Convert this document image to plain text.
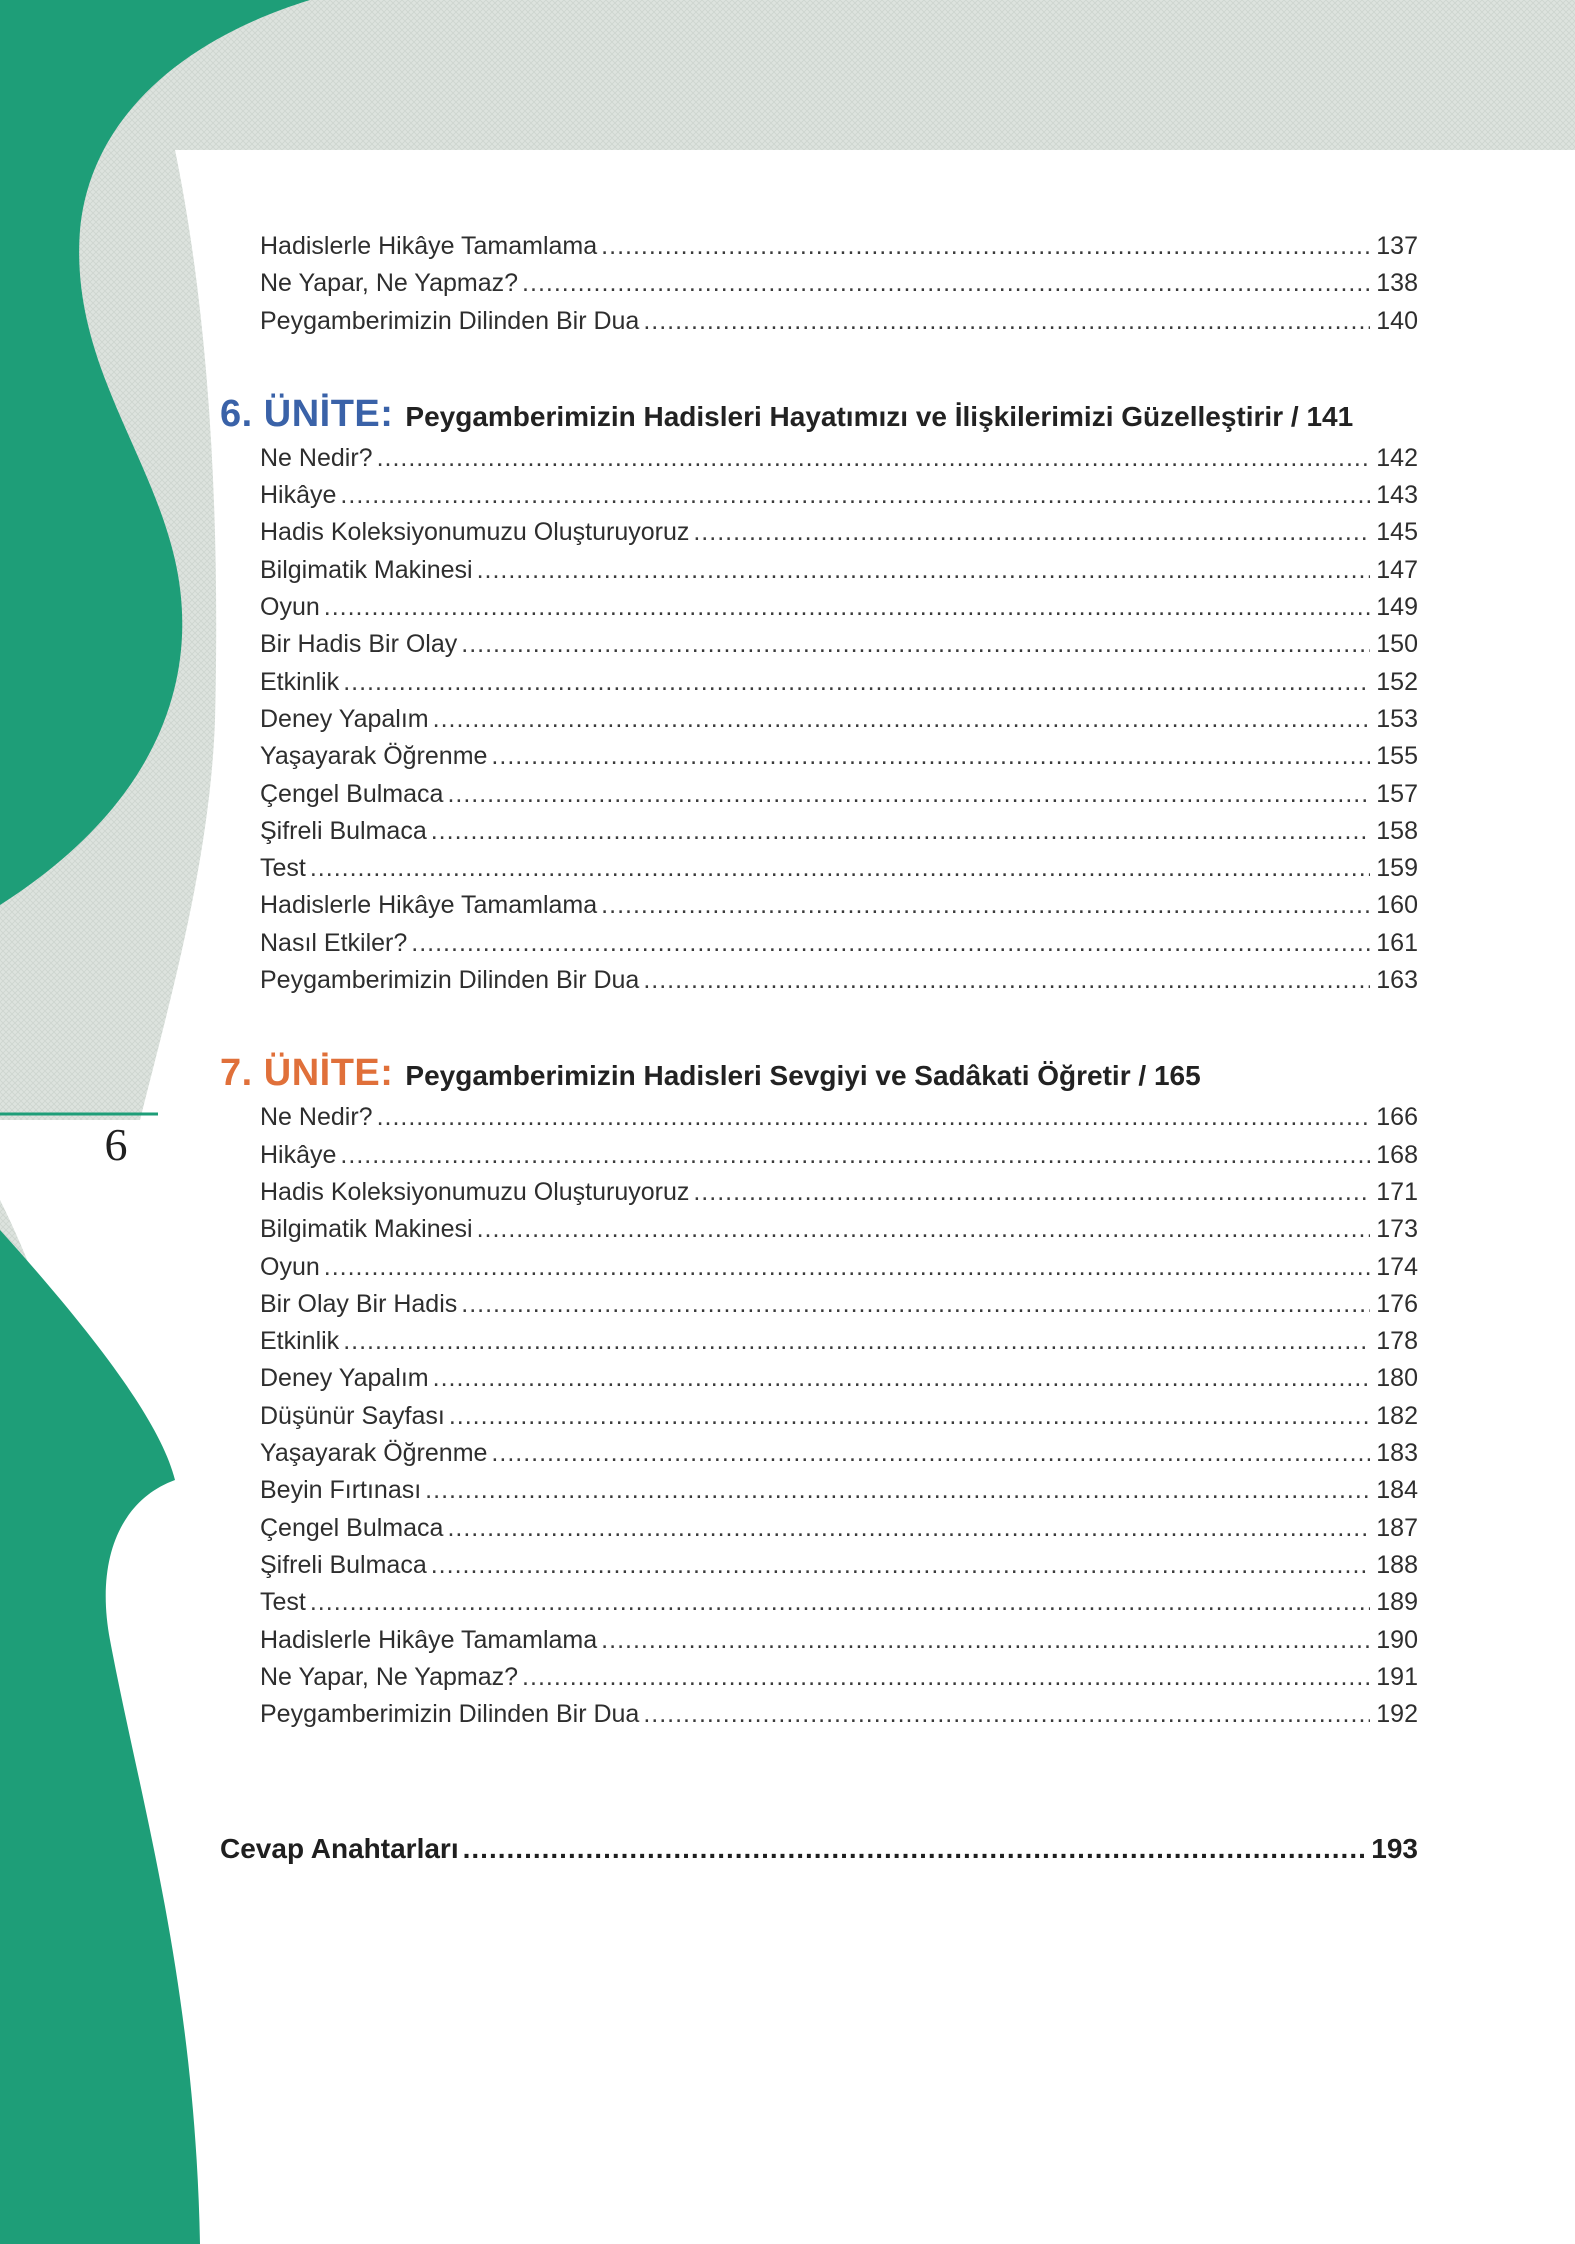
6
Hadislerle Hikâye Tamamlama .....	137
Ne Yapar, Ne Yapmaz? .....	138
Peygamberimizin Dilinden Bir Dua .....	140
6. ÜNİTE: Peygamberimizin Hadisleri Hayatımızı ve İlişkilerimizi Güzelleştirir / 141
Ne Nedir? .....	142
Hikâye .....	143
Hadis Koleksiyonumuzu Oluşturuyoruz .....	145
Bilgimatik Makinesi .....	147
Oyun .....	149
Bir Hadis Bir Olay .....	150
Etkinlik .....	152
Deney Yapalım .....	153
Yaşayarak Öğrenme .....	155
Çengel Bulmaca .....	157
Şifreli Bulmaca .....	158
Test .....	159
Hadislerle Hikâye Tamamlama .....	160
Nasıl Etkiler? .....	161
Peygamberimizin Dilinden Bir Dua .....	163
7. ÜNİTE: Peygamberimizin Hadisleri Sevgiyi ve Sadâkati Öğretir / 165
Ne Nedir? .....	166
Hikâye .....	168
Hadis Koleksiyonumuzu Oluşturuyoruz .....	171
Bilgimatik Makinesi .....	173
Oyun .....	174
Bir Olay Bir Hadis .....	176
Etkinlik .....	178
Deney Yapalım .....	180
Düşünür Sayfası .....	182
Yaşayarak Öğrenme .....	183
Beyin Fırtınası .....	184
Çengel Bulmaca .....	187
Şifreli Bulmaca .....	188
Test .....	189
Hadislerle Hikâye Tamamlama .....	190
Ne Yapar, Ne Yapmaz? .....	191
Peygamberimizin Dilinden Bir Dua .....	192
Cevap Anahtarları .....	193
